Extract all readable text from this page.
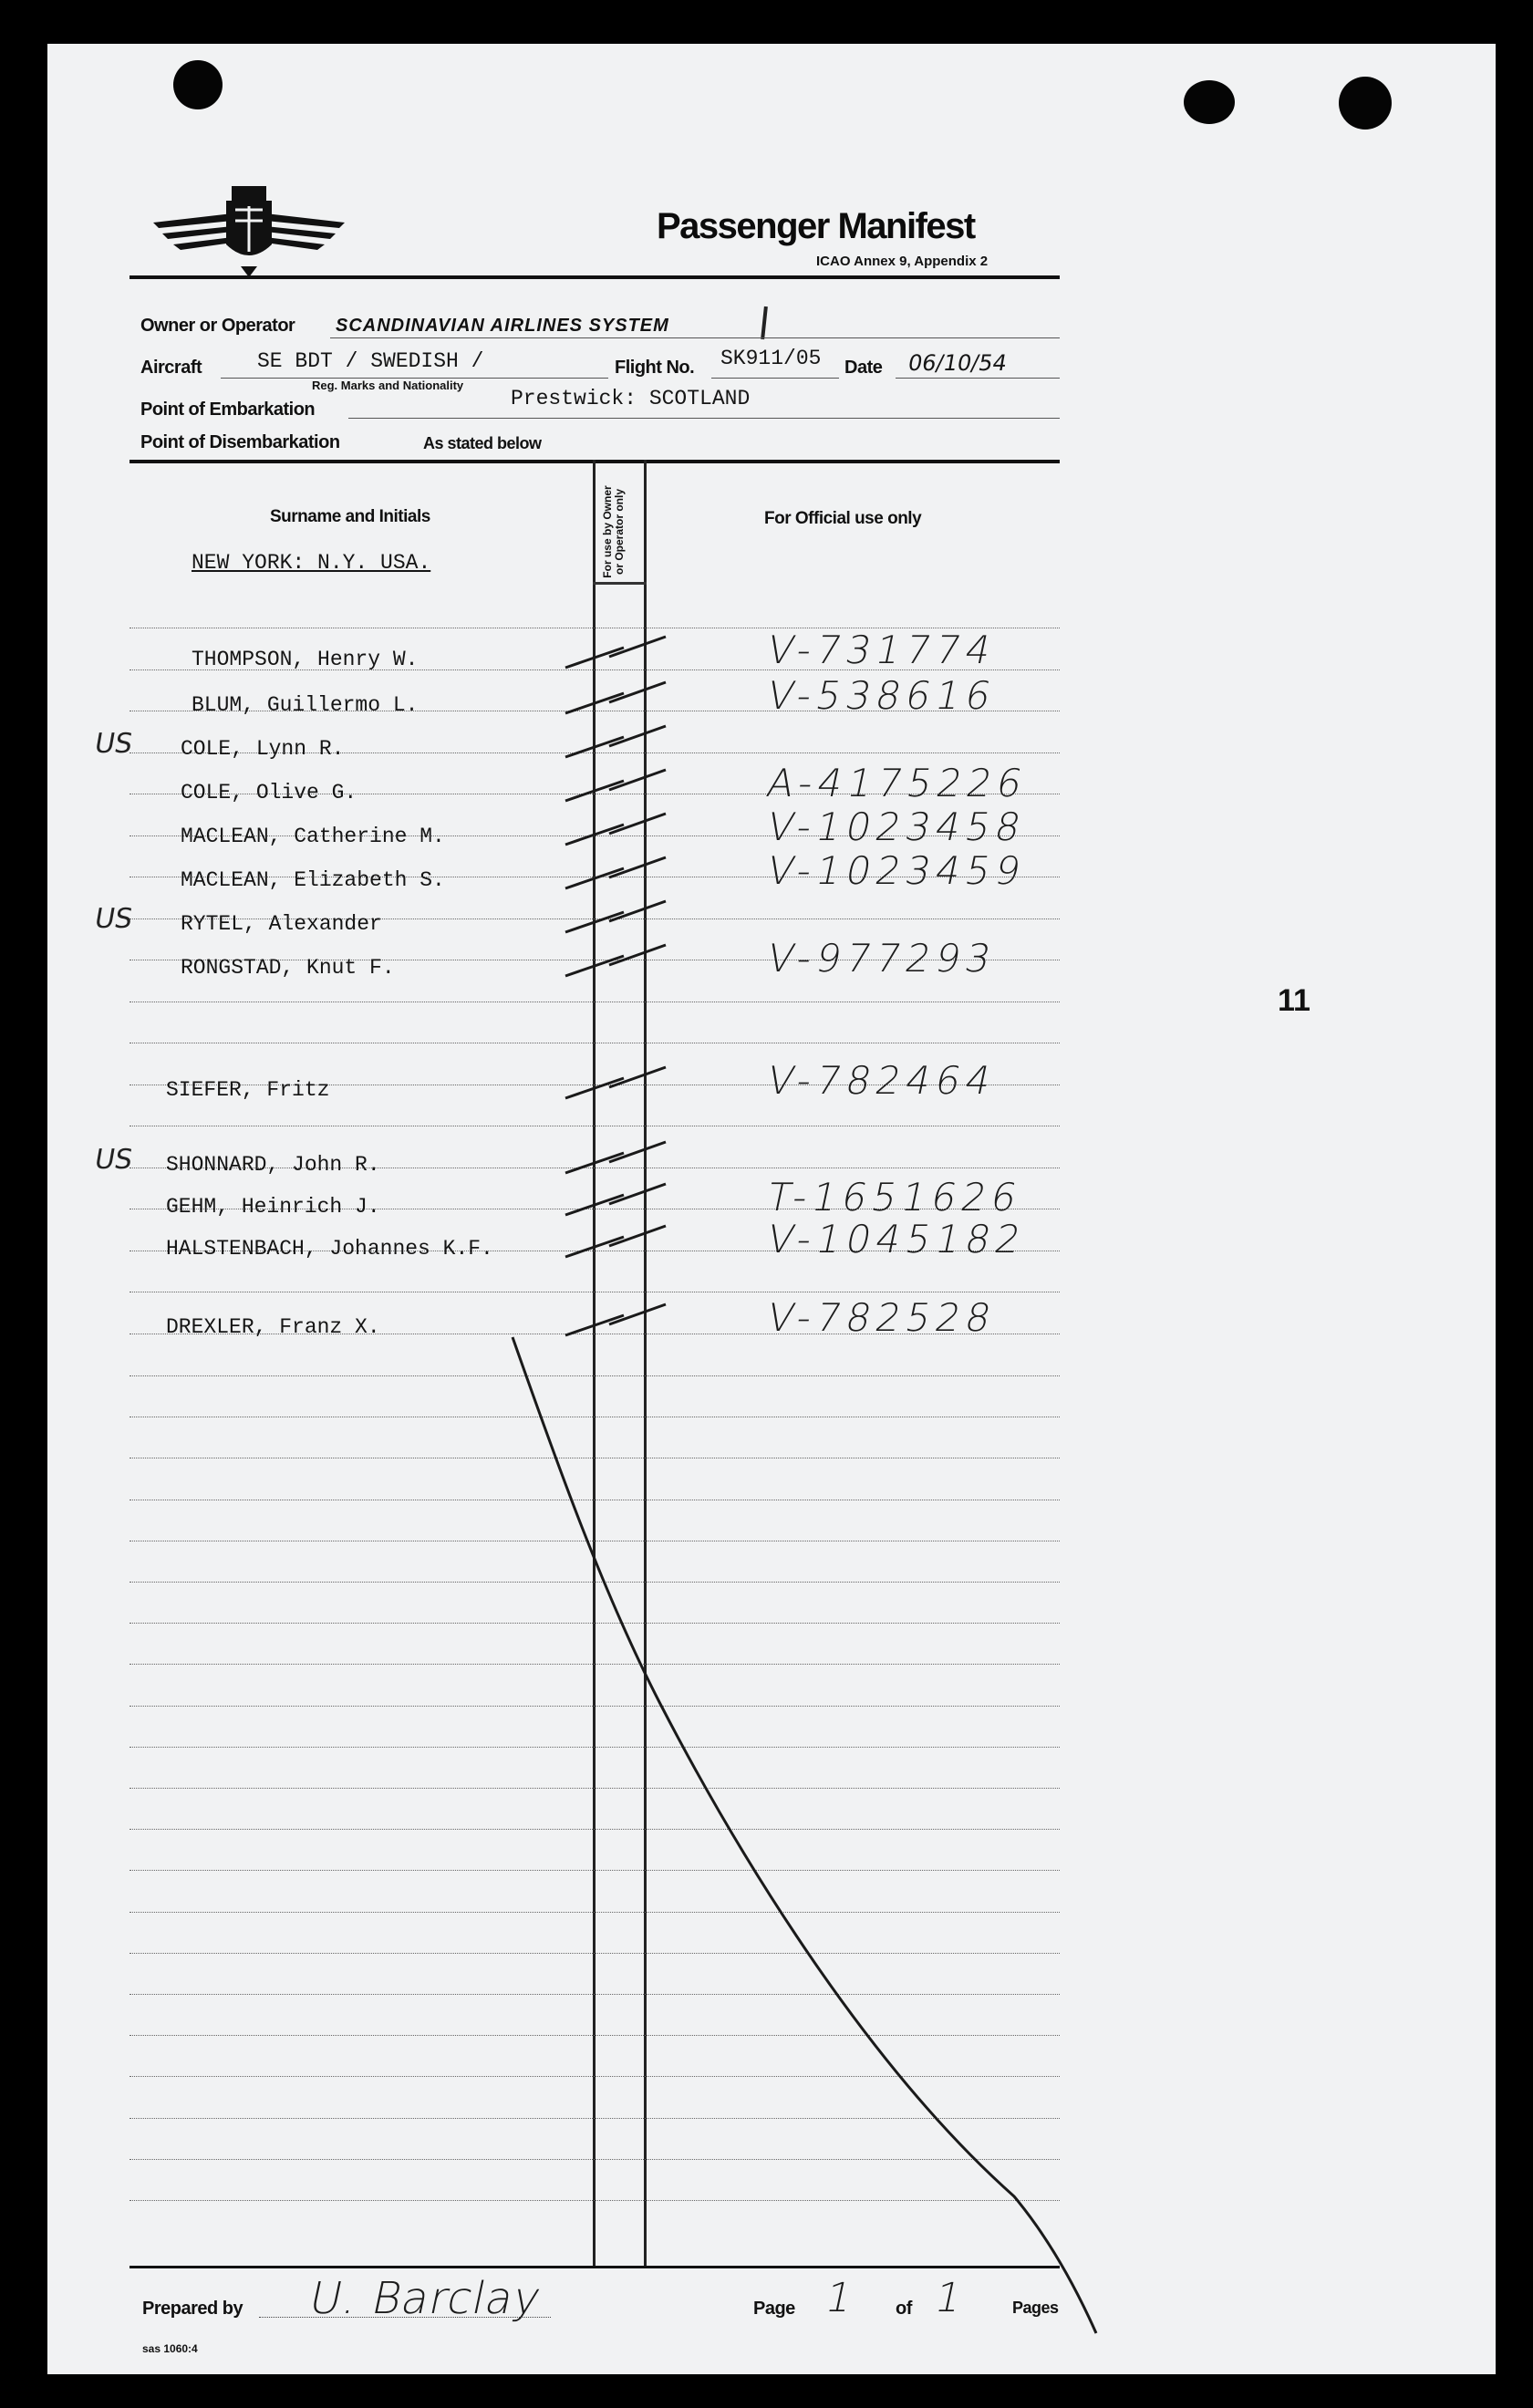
Passenger Manifest
ICAO Annex 9, Appendix 2
Owner or Operator SCANDINAVIAN AIRLINES SYSTEM
Aircraft	SE BDT / SWEDISH /
Reg. Marks and Nationality
Flight No. SK911/05 Date 06/10/54
Point of Embarkation	Prestwick: SCOTLAND
Point of Disembarkation	As stated below
Surname and Initials	For use by Owner or Operator only	For Official use only
NEW YORK: N.Y. USA.
THOMPSON, Henry W.	V-731774
BLUM, Guillermo L.	V-538616
COLE, Lynn R.
US
COLE, Olive G.	A-4175226
MACLEAN, Catherine M.	V-1023458
MACLEAN, Elizabeth S.	V-1023459
RYTEL, Alexander
US
RONGSTAD, Knut F.	V-977293
SIEFER, Fritz	V-782464
SHONNARD, John R.
US
GEHM, Heinrich J.	T-1651626
HALSTENBACH, Johannes K.F.	V-1045182
DREXLER, Franz X.	V-782528
11
Prepared by U. Barclay	Page 1 of 1 Pages
sas 1060:4
